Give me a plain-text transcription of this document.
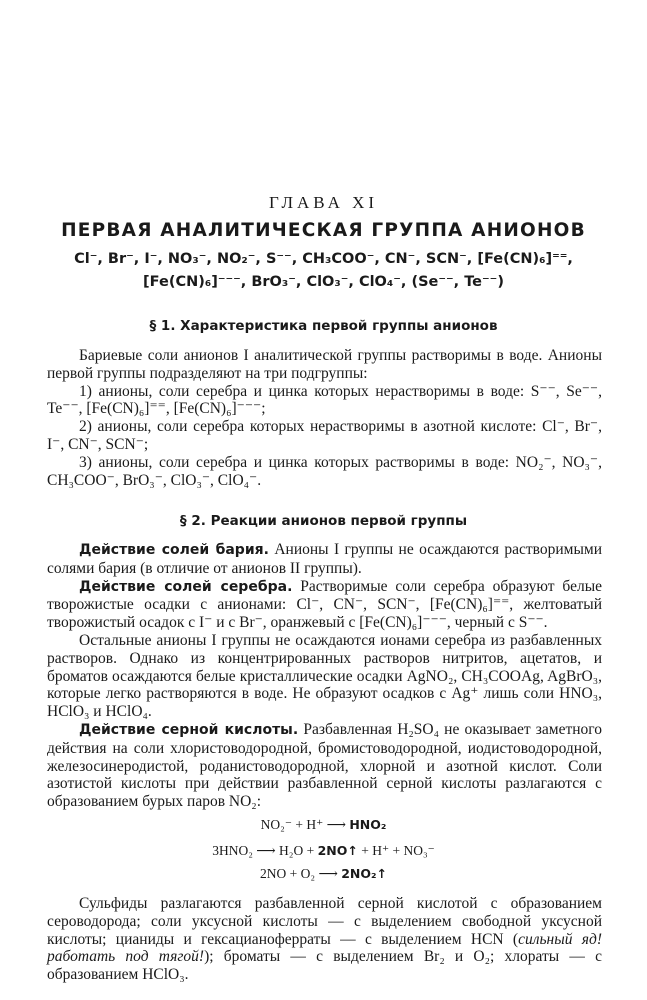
ГЛАВА XI
ПЕРВАЯ АНАЛИТИЧЕСКАЯ ГРУППА АНИОНОВ
Cl⁻, Br⁻, I⁻, NO₃⁻, NO₂⁻, S⁻⁻, CH₃COO⁻, CN⁻, SCN⁻, [Fe(CN)₆]⁼⁼,
[Fe(CN)₆]⁻⁻⁻, BrO₃⁻, ClO₃⁻, ClO₄⁻, (Se⁻⁻, Te⁻⁻)
§ 1. Характеристика первой группы анионов

Бариевые соли анионов I аналитической группы растворимы в воде. Анионы первой группы подразделяют на три подгруппы:

1) анионы, соли серебра и цинка которых нерастворимы в воде: S⁻⁻, Se⁻⁻, Te⁻⁻, [Fe(CN)₆]⁼⁼, [Fe(CN)₆]⁻⁻⁻;

2) анионы, соли серебра которых нерастворимы в азотной кислоте: Cl⁻, Br⁻, I⁻, CN⁻, SCN⁻;

3) анионы, соли серебра и цинка которых растворимы в воде: NO₂⁻, NO₃⁻, CH₃COO⁻, BrO₃⁻, ClO₃⁻, ClO₄⁻.

§ 2. Реакции анионов первой группы

Действие солей бария. Анионы I группы не осаждаются растворимыми солями бария (в отличие от анионов II группы).

Действие солей серебра. Растворимые соли серебра образуют белые творожистые осадки с анионами: Cl⁻, CN⁻, SCN⁻, [Fe(CN)₆]⁼⁼, желтоватый творожистый осадок с I⁻ и с Br⁻, оранжевый с [Fe(CN)₆]⁻⁻⁻, черный с S⁻⁻.

Остальные анионы I группы не осаждаются ионами серебра из разбавленных растворов. Однако из концентрированных растворов нитритов, ацетатов, и броматов осаждаются белые кристаллические осадки AgNO₂, CH₃COOAg, AgBrO₃, которые легко растворяются в воде. Не образуют осадков с Ag⁺ лишь соли HNO₃, HClO₃ и HClO₄.

Действие серной кислоты. Разбавленная H₂SO₄ не оказывает заметного действия на соли хлористоводородной, бромистоводородной, иодистоводородной, железосинеродистой, роданистоводородной, хлорной и азотной кислот. Соли азотистой кислоты при действии разбавленной серной кислоты разлагаются с образованием бурых паров NO₂:

NO₂⁻ + H⁺ ⟶ HNO₂
3HNO₂ ⟶ H₂O + 2NO↑ + H⁺ + NO₃⁻
2NO + O₂ ⟶ 2NO₂↑

Сульфиды разлагаются разбавленной серной кислотой с образованием сероводорода; соли уксусной кислоты — с выделением свободной уксусной кислоты; цианиды и гексацианоферраты — с выделением HCN (сильный яд! работать под тягой!); броматы — с выделением Br₂ и O₂; хлораты — с образованием HClO₃.
